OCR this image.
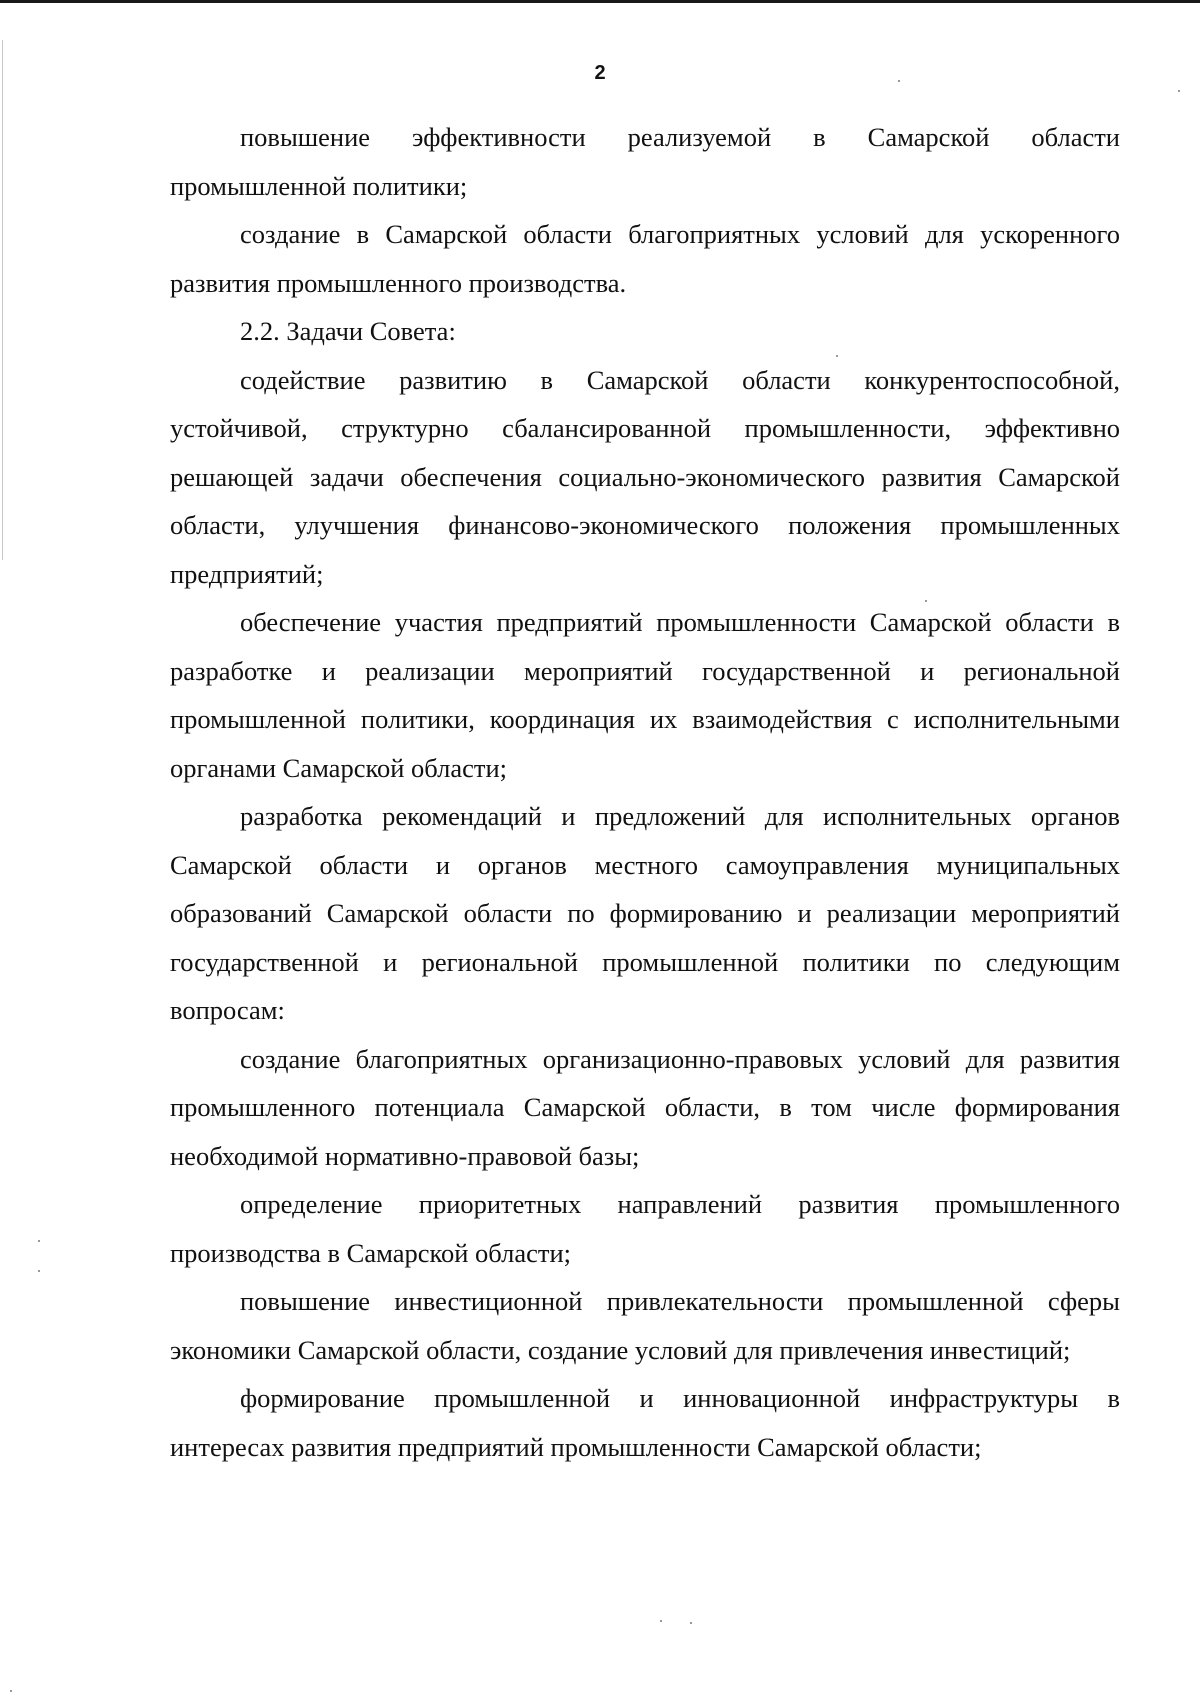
2

повышение эффективности реализуемой в Самарской области промышленной политики;

создание в Самарской области благоприятных условий для ускоренного развития промышленного производства.

2.2. Задачи Совета:

содействие развитию в Самарской области конкурентоспособной, устойчивой, структурно сбалансированной промышленности, эффективно решающей задачи обеспечения социально-экономического развития Самарской области, улучшения финансово-экономического положения промышленных предприятий;

обеспечение участия предприятий промышленности Самарской области в разработке и реализации мероприятий государственной и региональной промышленной политики, координация их взаимодействия с исполнительными органами Самарской области;

разработка рекомендаций и предложений для исполнительных органов Самарской области и органов местного самоуправления муниципальных образований Самарской области по формированию и реализации мероприятий государственной и региональной промышленной политики по следующим вопросам:

создание благоприятных организационно-правовых условий для развития промышленного потенциала Самарской области, в том числе формирования необходимой нормативно-правовой базы;

определение приоритетных направлений развития промышленного производства в Самарской области;

повышение инвестиционной привлекательности промышленной сферы экономики Самарской области, создание условий для привлечения инвестиций;

формирование промышленной и инновационной инфраструктуры в интересах развития предприятий промышленности Самарской области;
